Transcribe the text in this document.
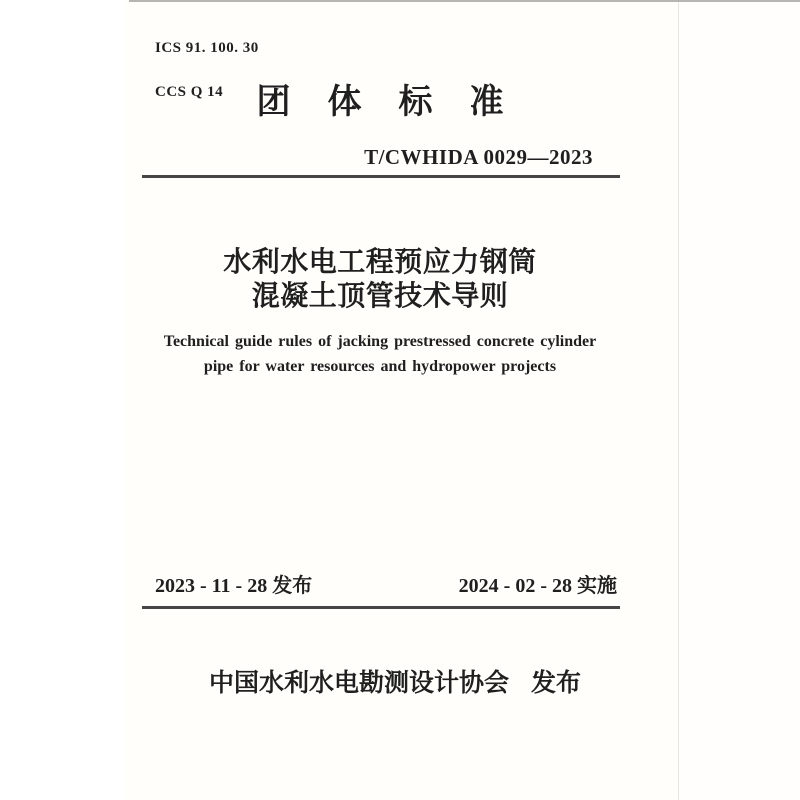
ICS 91. 100. 30

CCS Q 14 团体标准
T/CWHIDA 0029—2023
水利水电工程预应力钢筒
混凝土顶管技术导则
Technical guide rules of jacking prestressed concrete cylinder
pipe for water resources and hydropower projects
2023 - 11 - 28 发布	2024 - 02 - 28 实施
中国水利水电勘测设计协会 发布
